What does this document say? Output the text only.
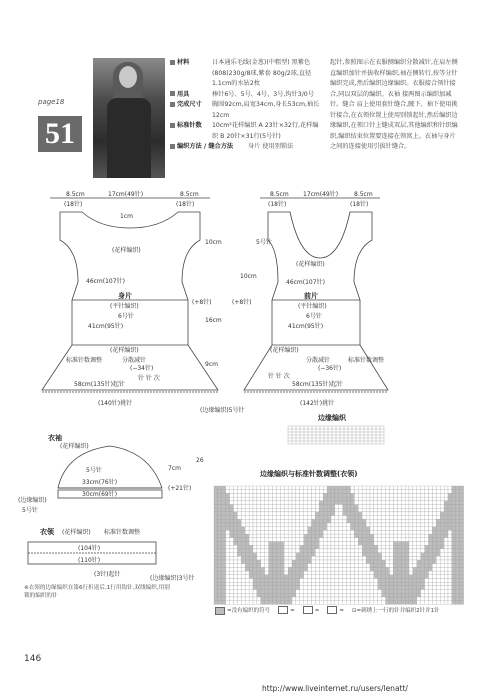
page18
51
材料	日本通乐毛线(金葱)(中粗型) 黑紫色(808)230g/8球,紫套 80g/2球,直径1.1cm的水钻2枚
用具	棒针6号、5号、4号、3号,钩针3/0号
完成尺寸	胸围92cm,肩宽34cm,身长53cm,袖长12cm
标准针数	10cm²花样编织 A 23针×32行,花样编织 B 20针×31行(5号针)
编织方法 / 缝合方法	身片 使用别锁法
起针,参照图示在衣服侧编织分散减针,在肩左侧直编织加针并拔收样编织,袖在侧转行,按等分针编织完成,然后编织边缘编织。衣服接合领针接合,同以双层的编织。衣袖 接两图示编织加减针。缝合 肩上使用套针缝合,腋下、袖下使用挑针接合,在衣领位置上使用别锁起针,然后编织边缘编织,在领口针上缝成双层,其他编织和针织编织,编织结束位置要连接在领窝上。衣袖与身片之间的连接使用引拔针缝合。
8.5cm	17cm(49针)	8.5cm
(18针)	(18针)
1cm
(花样编织)
46cm(107针)
身片
(平针编织)
6号针
41cm(95针)
(花样编织)
标准针数调整	分散减针
(−34针)
针 针 次
58cm(135针)起针
(+8针)
10cm
16cm
9cm
(140针)挑针
8.5cm 17cm(49针)	8.5cm
(18针)	(18针)
5号针
(花样编织)
46cm(107针)
前片
(平针编织)
6号针
41cm(95针)
(花样编织)
分散减针	标准针数调整
(−36针)
针 针 次
58cm(135针)起针
(+8针)
10cm
(142针)挑针
(边缘编织)5号针
衣袖
(花样编织)
5号针
33cm(76针)
30cm(69针)
(边缘编织)
5号针
7cm
(+21针)
26
衣领 (花样编织) 标准针数调整
(104针)
(110针)
(3针)起针
(边缘编织)3号针
边缘编织
边缘编织与标准针数调整(衣领)
※衣领的边缘编织在第6行折返后,1行用钩针,双线编织,用别锁的编织的针
=没有编织的符号	=	=	= ⊡=刺绣上一行的针并编织2针并1针
146
http://www.liveinternet.ru/users/lenatt/
